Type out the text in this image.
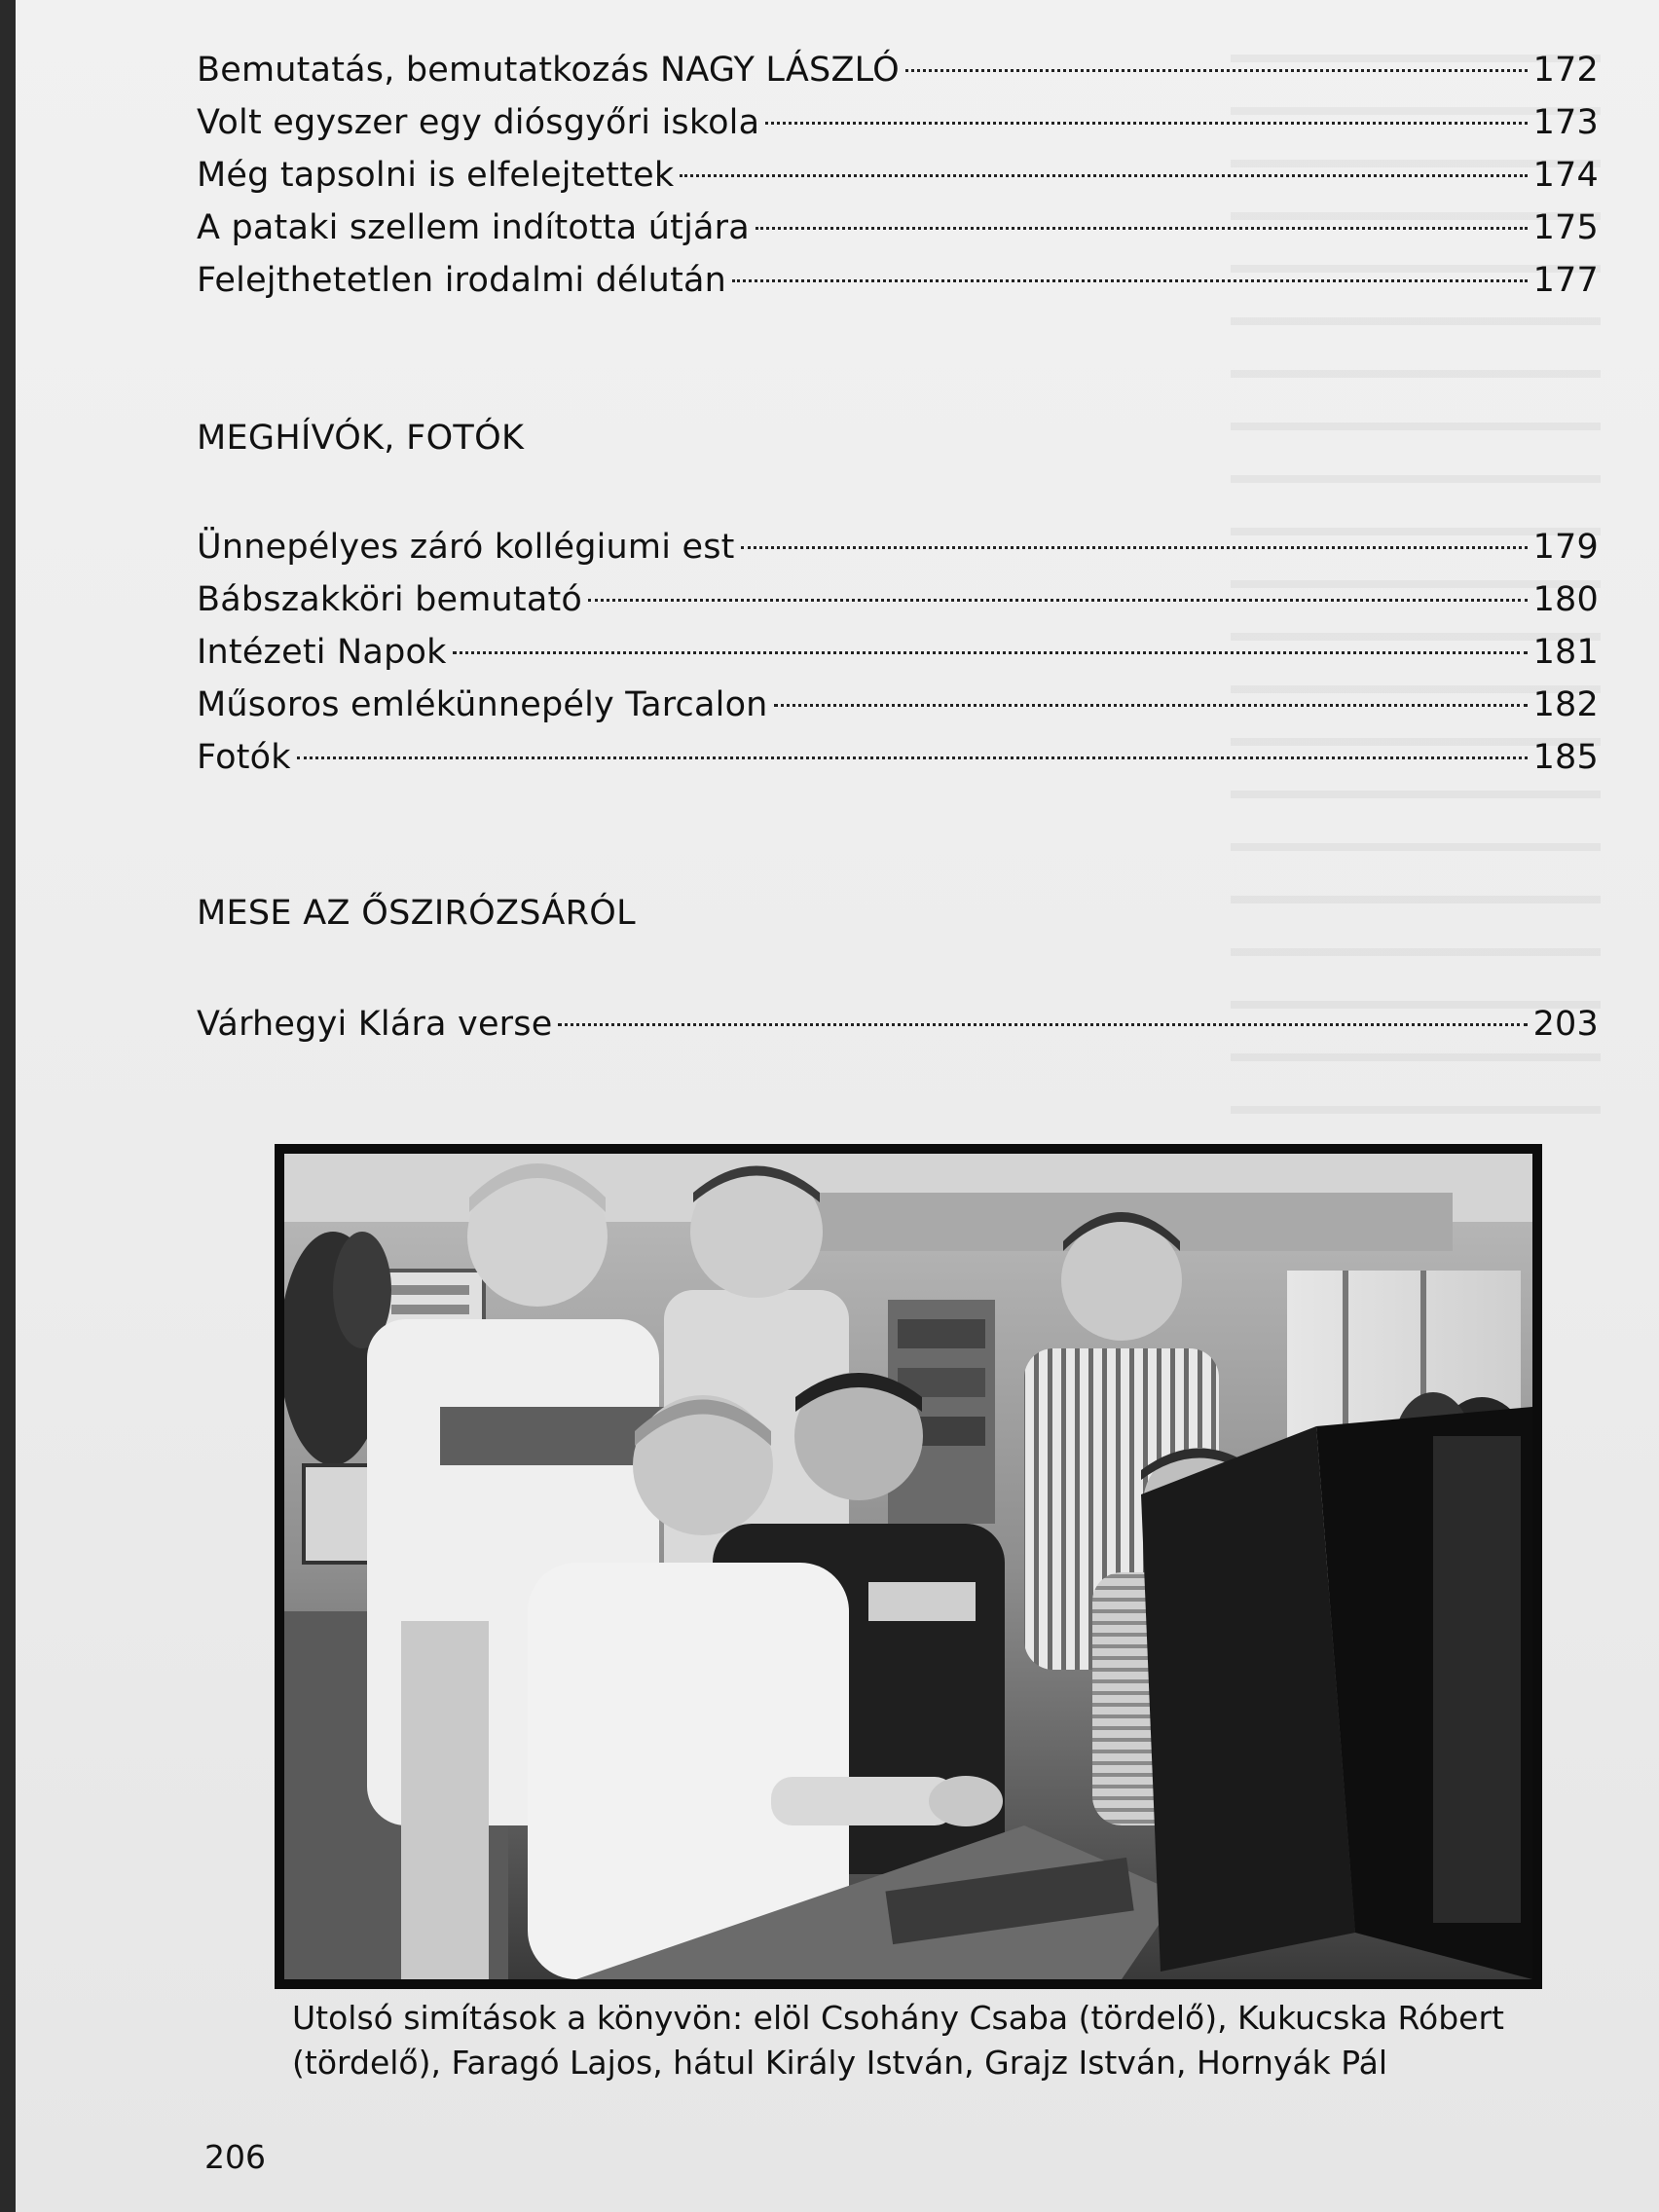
Bemutatás, bemutatkozás NAGY LÁSZLÓ	172
Volt egyszer egy diósgyőri iskola	173
Még tapsolni is elfelejtettek	174
A pataki szellem indította útjára	175
Felejthetetlen irodalmi délután	177
MEGHÍVÓK, FOTÓK
Ünnepélyes záró kollégiumi est	179
Bábszakköri bemutató	180
Intézeti Napok	181
Műsoros emlékünnepély Tarcalon	182
Fotók	185
MESE AZ ŐSZIRÓZSÁRÓL
Várhegyi Klára verse	203
Utolsó simítások a könyvön: elöl Csohány Csaba (tördelő), Kukucska Róbert (tördelő), Faragó Lajos, hátul Király István, Grajz István, Hornyák Pál
206
